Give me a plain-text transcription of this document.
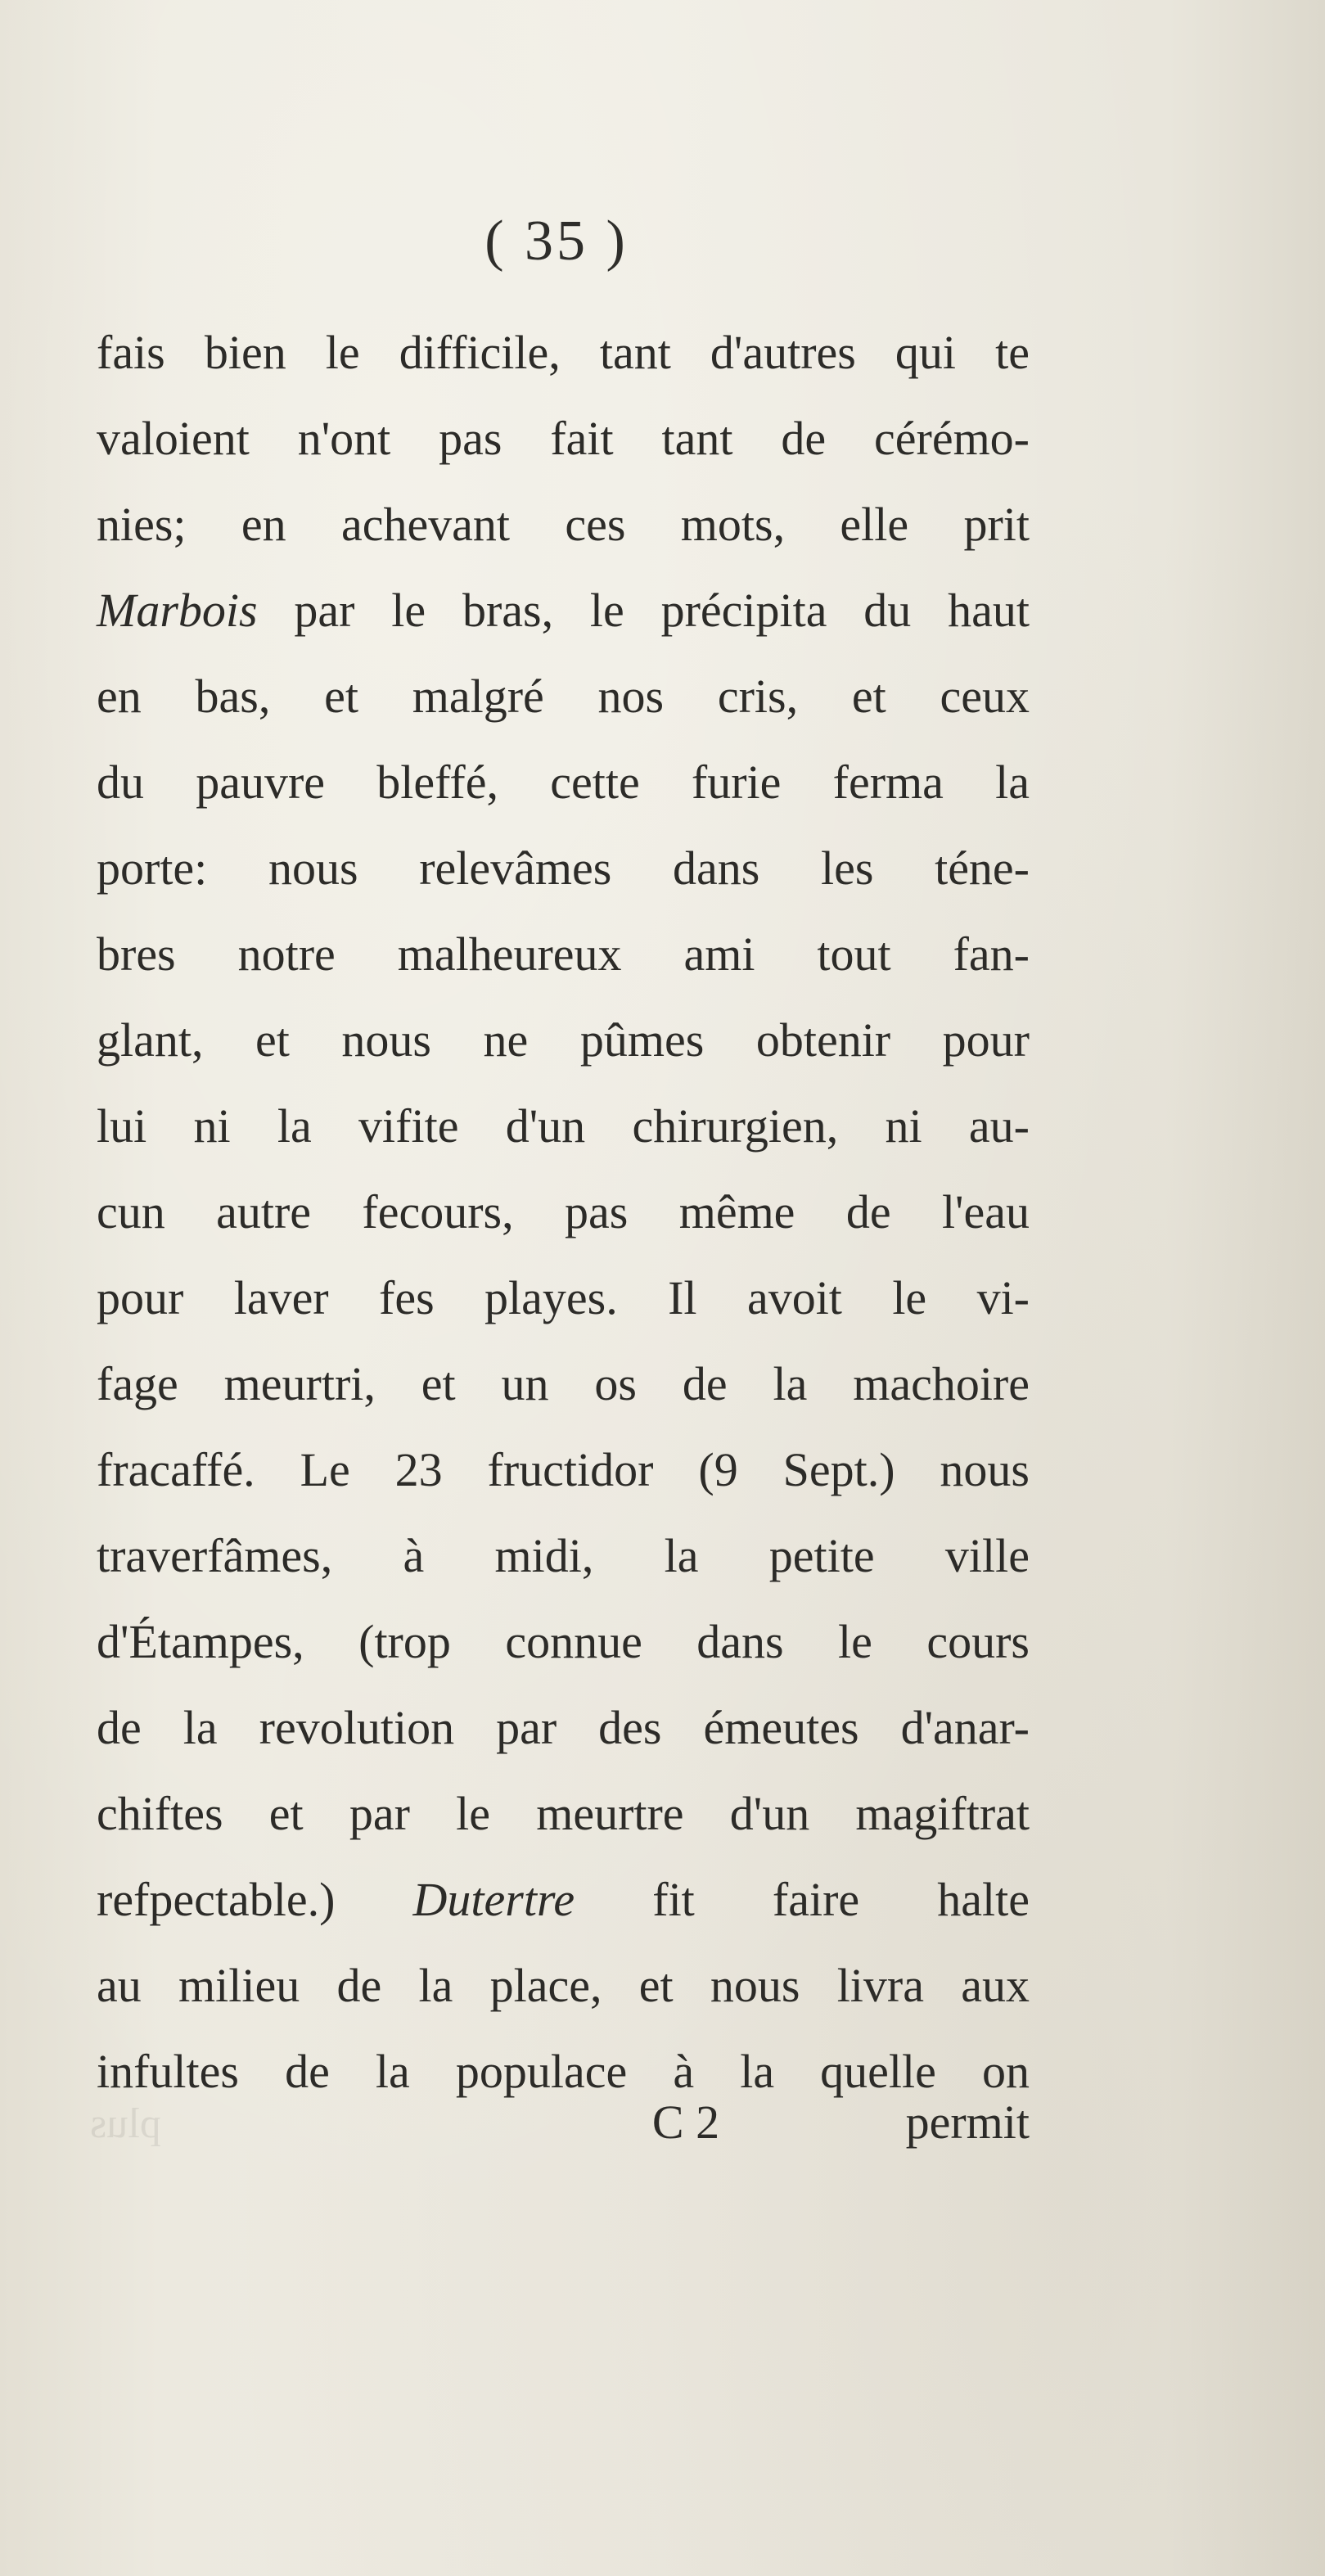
( 35 )
fais bien le difficile, tant d'autres qui te
valoient n'ont pas fait tant de cérémo-
nies; en achevant ces mots, elle prit
Marbois par le bras, le précipita du haut
en bas, et malgré nos cris, et ceux
du pauvre bleffé, cette furie ferma la
porte: nous relevâmes dans les téne-
bres notre malheureux ami tout fan-
glant, et nous ne pûmes obtenir pour
lui ni la vifite d'un chirurgien, ni au-
cun autre fecours, pas même de l'eau
pour laver fes playes. Il avoit le vi-
fage meurtri, et un os de la machoire
fracaffé. Le 23 fructidor (9 Sept.) nous
traverfâmes, à midi, la petite ville
d'Étampes, (trop connue dans le cours
de la revolution par des émeutes d'anar-
chiftes et par le meurtre d'un magiftrat
refpectable.) Dutertre fit faire halte
au milieu de la place, et nous livra aux
infultes de la populace à la quelle on
plus	C 2	permit
